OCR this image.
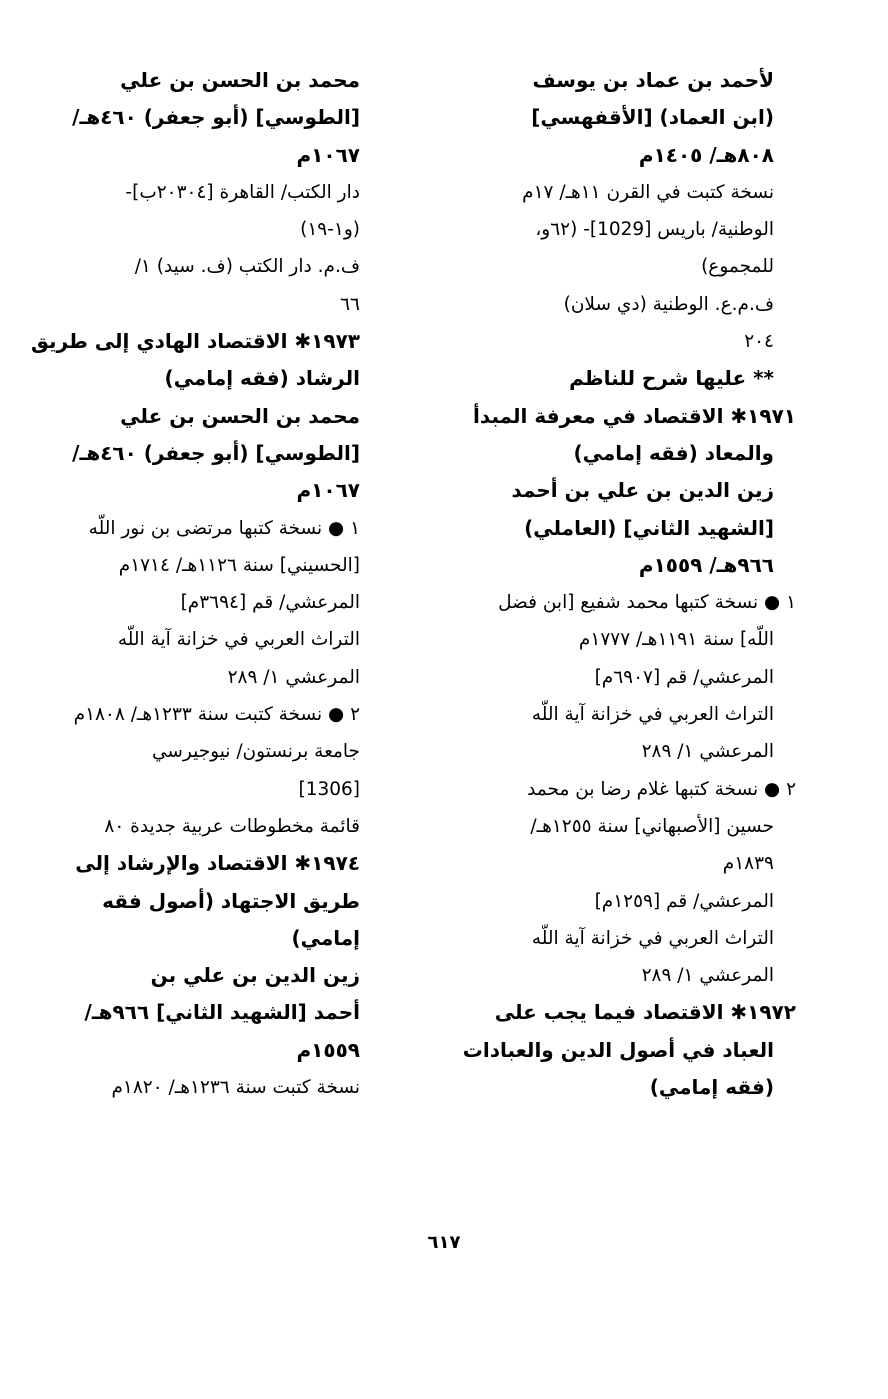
لأحمد بن عماد بن يوسف
(ابن العماد) [الأقفهسي]
٨٠٨هـ/ ١٤٠٥م
نسخة كتبت في القرن ١١هـ/ ١٧م
الوطنية/ باريس [1029]- (٦٢و،
للمجموع)
ف.م.ع. الوطنية (دي سلان)
٢٠٤
** عليها شرح للناظم
١٩٧١✱ الاقتصاد في معرفة المبدأ
والمعاد (فقه إمامي)
زين الدين بن علي بن أحمد
[الشهيد الثاني] (العاملي)
٩٦٦هـ/ ١٥٥٩م
١ ● نسخة كتبها محمد شفيع [ابن فضل
اللّه] سنة ١١٩١هـ/ ١٧٧٧م
المرعشي/ قم [٦٩٠٧م]
التراث العربي في خزانة آية اللّه
المرعشي ١/ ٢٨٩
٢ ● نسخة كتبها غلام رضا بن محمد
حسين [الأصبهاني] سنة ١٢٥٥هـ/
١٨٣٩م
المرعشي/ قم [١٢٥٩م]
التراث العربي في خزانة آية اللّه
المرعشي ١/ ٢٨٩
١٩٧٢✱ الاقتصاد فيما يجب على
العباد في أصول الدين والعبادات
(فقه إمامي)
محمد بن الحسن بن علي
[الطوسي] (أبو جعفر) ٤٦٠هـ/
١٠٦٧م
دار الكتب/ القاهرة [٢٠٣٠٤ب]-
(و١-١٩)
ف.م. دار الكتب (ف. سيد) ١/
٦٦
١٩٧٣✱ الاقتصاد الهادي إلى طريق
الرشاد (فقه إمامي)
محمد بن الحسن بن علي
[الطوسي] (أبو جعفر) ٤٦٠هـ/
١٠٦٧م
١ ● نسخة كتبها مرتضى بن نور اللّه
[الحسيني] سنة ١١٢٦هـ/ ١٧١٤م
المرعشي/ قم [٣٦٩٤م]
التراث العربي في خزانة آية اللّه
المرعشي ١/ ٢٨٩
٢ ● نسخة كتبت سنة ١٢٣٣هـ/ ١٨٠٨م
جامعة برنستون/ نيوجيرسي
[1306]
قائمة مخطوطات عربية جديدة ٨٠
١٩٧٤✱ الاقتصاد والإرشاد إلى
طريق الاجتهاد (أصول فقه
إمامي)
زين الدين بن علي بن
أحمد [الشهيد الثاني] ٩٦٦هـ/
١٥٥٩م
نسخة كتبت سنة ١٢٣٦هـ/ ١٨٢٠م
٦١٧
